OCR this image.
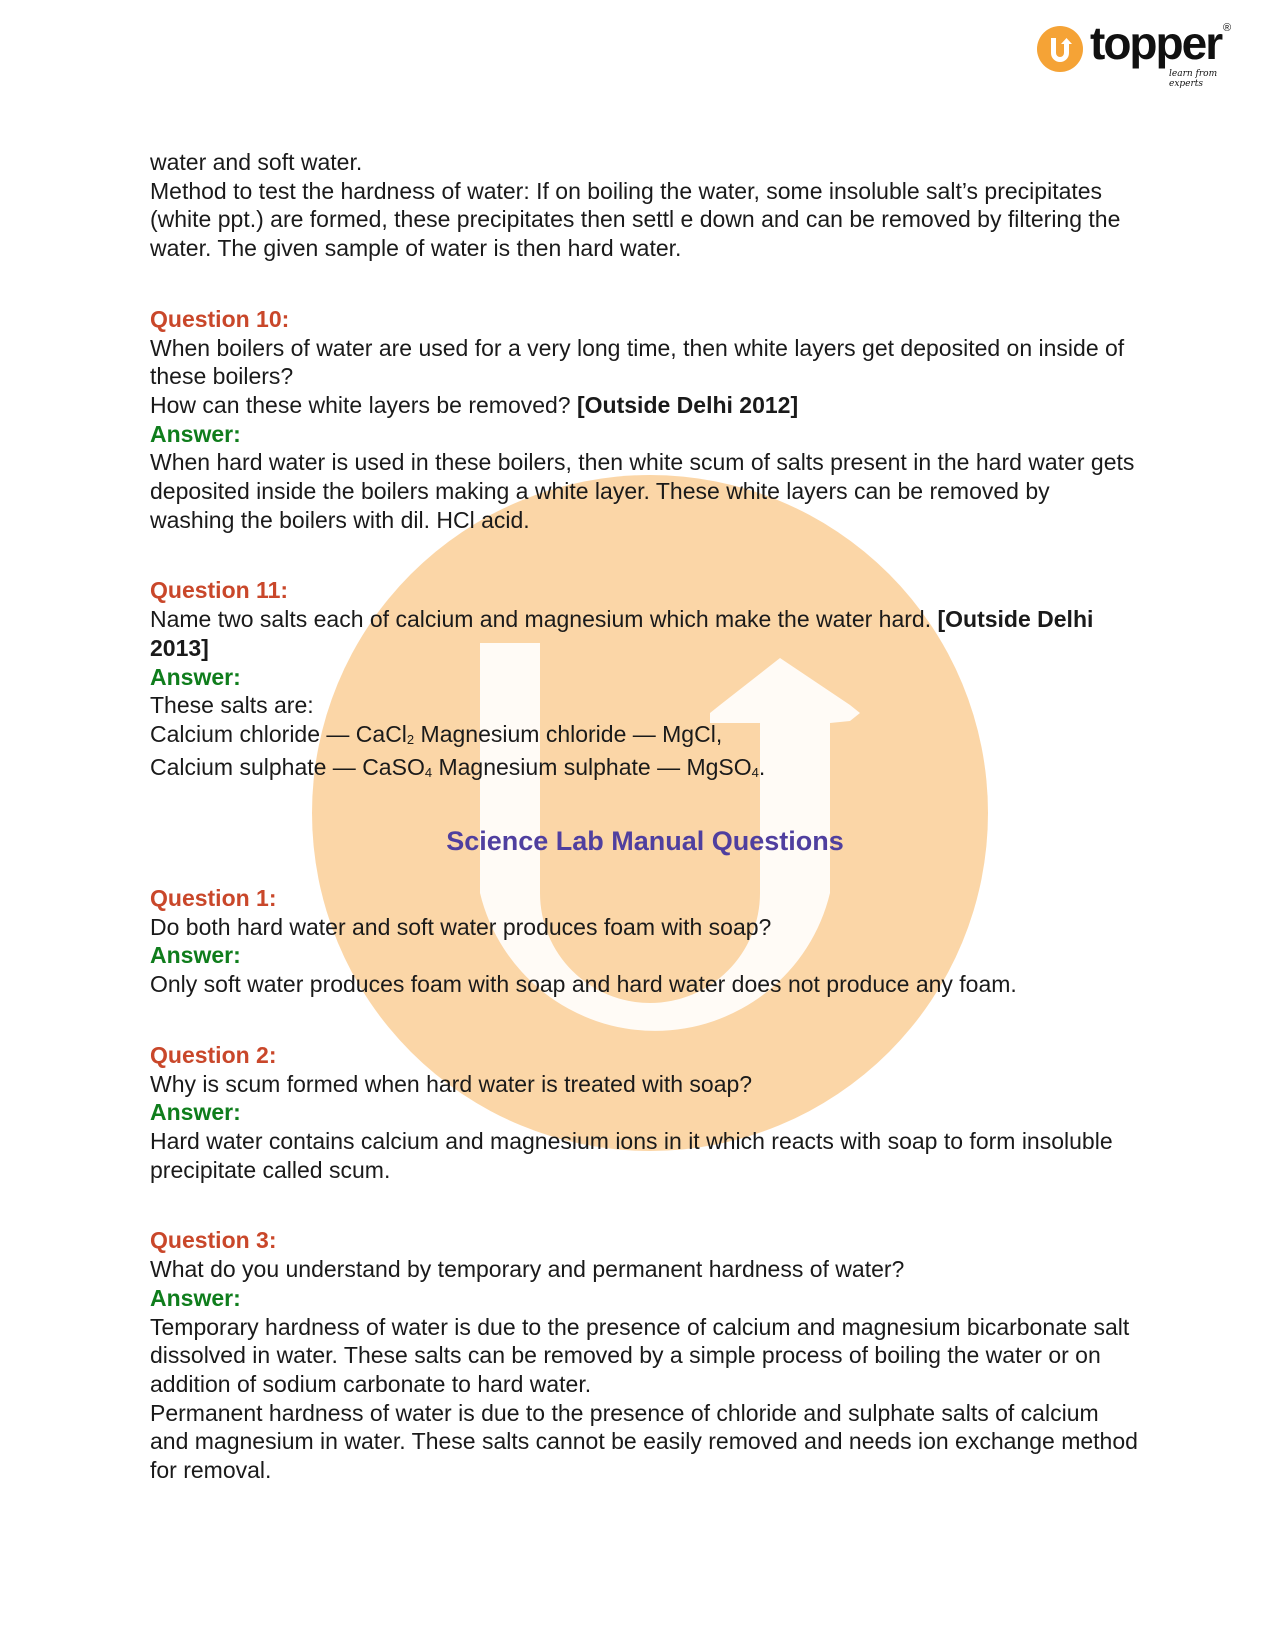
topper ®
learn from experts

water and soft water.

Method to test the hardness of water: If on boiling the water, some insoluble salt’s precipitates (white ppt.) are formed, these precipitates then settl e down and can be removed by filtering the water. The given sample of water is then hard water.

Question 10:

When boilers of water are used for a very long time, then white layers get deposited on inside of these boilers?

How can these white layers be removed? [Outside Delhi 2012]

Answer:

When hard water is used in these boilers, then white scum of salts present in the hard water gets deposited inside the boilers making a white layer. These white layers can be removed by washing the boilers with dil. HCl acid.

Question 11:

Name two salts each of calcium and magnesium which make the water hard. [Outside Delhi 2013]

Answer:

These salts are:

Calcium chloride — CaCl$_2$ Magnesium chloride — MgCl,

Calcium sulphate — CaSO$_4$ Magnesium sulphate — MgSO$_4$.

Science Lab Manual Questions

Question 1:

Do both hard water and soft water produces foam with soap?

Answer:

Only soft water produces foam with soap and hard water does not produce any foam.

Question 2:

Why is scum formed when hard water is treated with soap?

Answer:

Hard water contains calcium and magnesium ions in it which reacts with soap to form insoluble precipitate called scum.

Question 3:

What do you understand by temporary and permanent hardness of water?

Answer:

Temporary hardness of water is due to the presence of calcium and magnesium bicarbonate salt dissolved in water. These salts can be removed by a simple process of boiling the water or on addition of sodium carbonate to hard water.

Permanent hardness of water is due to the presence of chloride and sulphate salts of calcium and magnesium in water. These salts cannot be easily removed and needs ion exchange method for removal.
